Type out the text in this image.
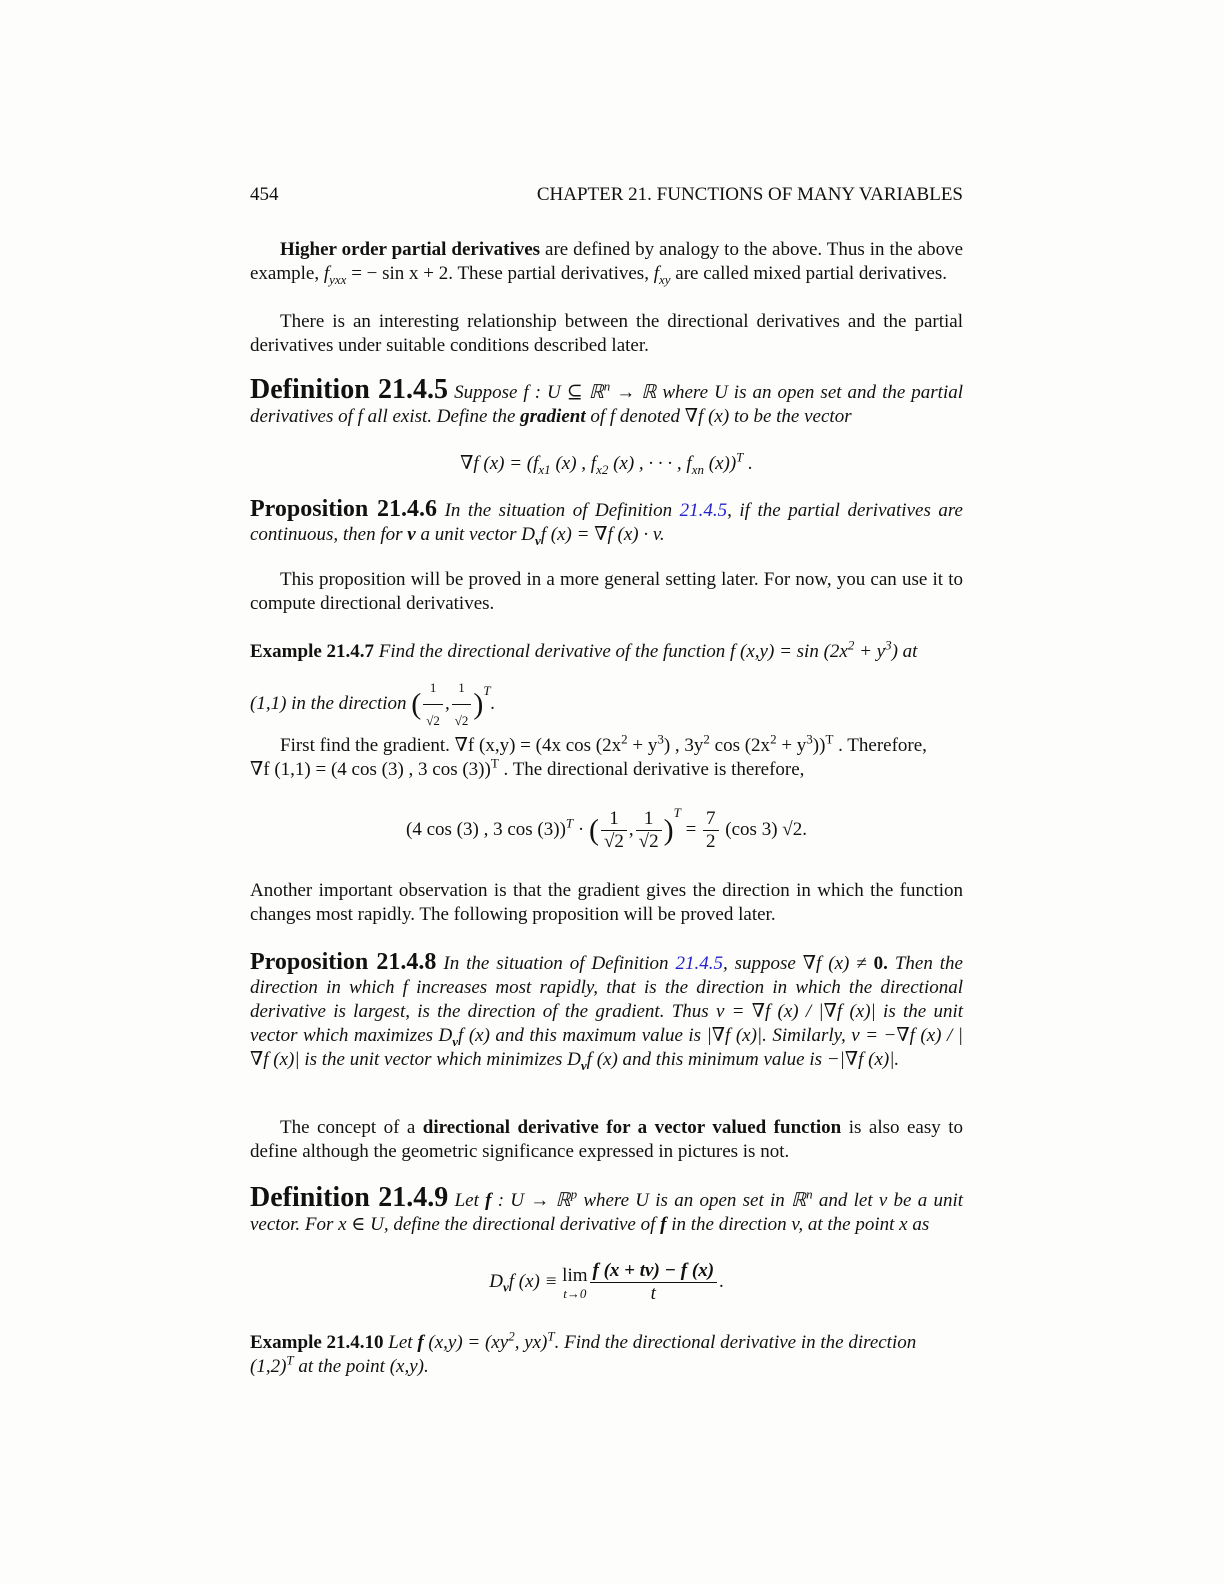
454	CHAPTER 21. FUNCTIONS OF MANY VARIABLES

Higher order partial derivatives are defined by analogy to the above. Thus in the above example, $f_{yxx}$ = − sin x + 2. These partial derivatives, $f_{xy}$ are called mixed partial derivatives.

There is an interesting relationship between the directional derivatives and the partial derivatives under suitable conditions described later.

Definition 21.4.5 Suppose f : U ⊆ ℝ$^n$ → ℝ where U is an open set and the partial derivatives of f all exist. Define the gradient of f denoted ∇f (x) to be the vector

∇f $(x) = (f_{x1}$ (x) , $f_{x2}$ (x) , · · · , $f_{xn}$ (x))$^T$ .

Proposition 21.4.6 In the situation of Definition 21.4.5, if the partial derivatives are continuous, then for v a unit vector $D_vf$ (x) = ∇f (x) · v.

This proposition will be proved in a more general setting later. For now, you can use it to compute directional derivatives.

Example 21.4.7 Find the directional derivative of the function f $(x,y) = \sin (2x^2 + y^3)$ at

(1,1) in the direction ( $\frac{1}{√2}$ , $\frac{1}{√2} )^T$.

First find the gradient. ∇f (x,y) = (4x $\cos (2x^2 + y^3)$ , $3y^2$ $\cos (2x^2 + y^3))^T$ . Therefore,
∇f (1,1) = (4 cos (3) , 3 cos (3))$^T$ . The directional derivative is therefore,

(4 cos (3) , 3 cos (3))$^T$ · ( $\frac{1}{√2}$ , $\frac{1}{√2} )^T = \frac{7}{2} (\cos$ 3) √2.

Another important observation is that the gradient gives the direction in which the function changes most rapidly. The following proposition will be proved later.

Proposition 21.4.8 In the situation of Definition 21.4.5, suppose ∇f (x) ≠ 0. Then the direction in which f increases most rapidly, that is the direction in which the directional derivative is largest, is the direction of the gradient. Thus v = ∇f (x) / |∇f (x)| is the unit vector which maximizes $D_vf$ (x) and this maximum value is |∇f (x)|. Similarly, v = −∇f (x) / |∇f (x)| is the unit vector which minimizes $D_vf$ (x) and this minimum value is −|∇f (x)|.

The concept of a directional derivative for a vector valued function is also easy to define although the geometric significance expressed in pictures is not.

Definition 21.4.9 Let f : U → ℝ$^p$ where U is an open set in ℝ$^n$ and let v be a unit vector. For x ∈ U, define the directional derivative of f in the direction v, at the point x as

$D_vf$ (x) ≡ lim
$t\to 0 \frac{f (x + tv) - f (x)}{t}$ .

Example 21.4.10 Let f $(x,y) = (xy^2$, yx)$^T$. Find the directional derivative in the direction
$(1,2)^T$ at the point (x,y).
